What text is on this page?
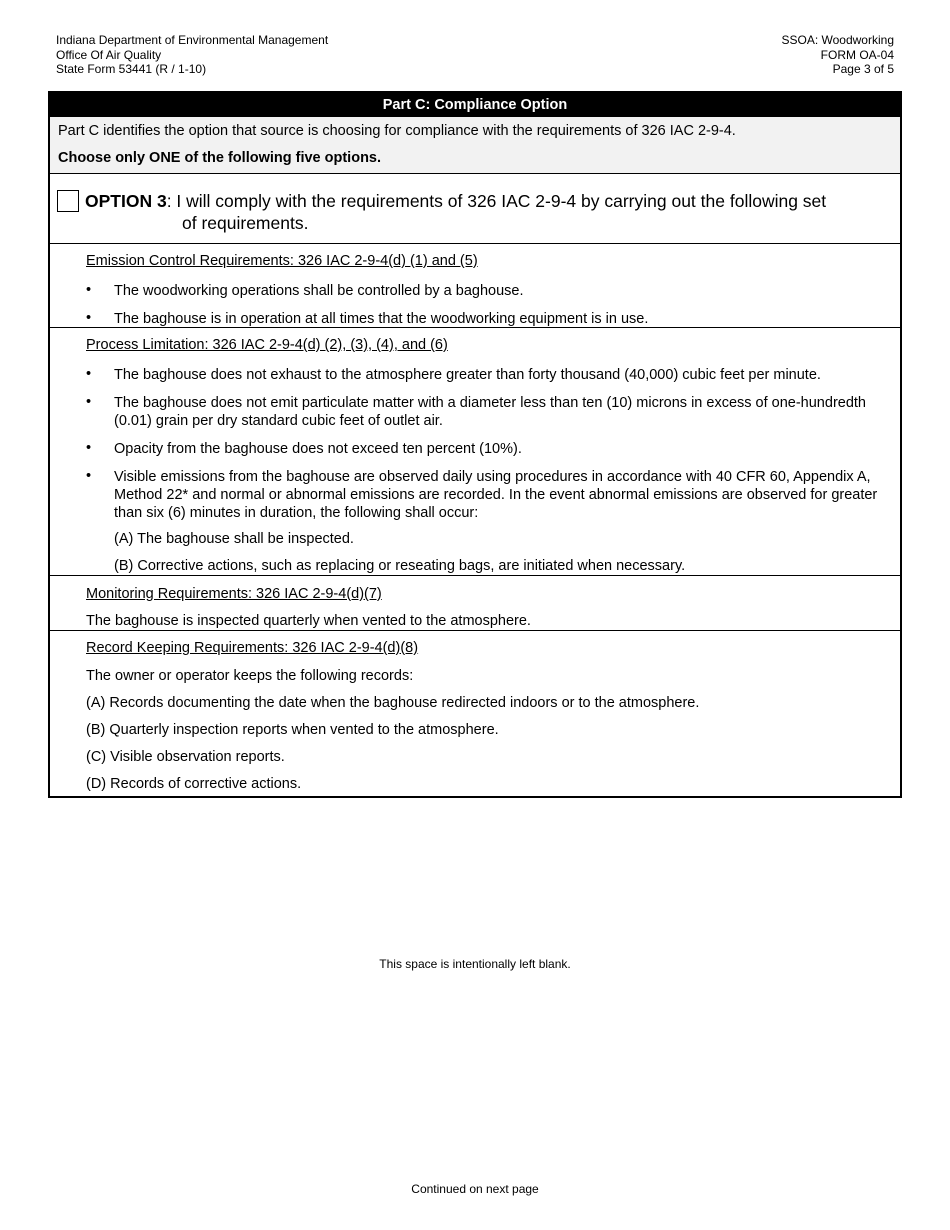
Indiana Department of Environmental Management
Office Of Air Quality
State Form 53441 (R / 1-10)
SSOA: Woodworking
FORM OA-04
Page 3 of 5
Part C: Compliance Option

Part C identifies the option that source is choosing for compliance with the requirements of 326 IAC 2-9-4.

Choose only ONE of the following five options.

OPTION 3: I will comply with the requirements of 326 IAC 2-9-4 by carrying out the following set
of requirements.
Emission Control Requirements: 326 IAC 2-9-4(d) (1) and (5)
• The woodworking operations shall be controlled by a baghouse.
• The baghouse is in operation at all times that the woodworking equipment is in use.
Process Limitation: 326 IAC 2-9-4(d) (2), (3), (4), and (6)
• The baghouse does not exhaust to the atmosphere greater than forty thousand (40,000) cubic feet per minute.
• The baghouse does not emit particulate matter with a diameter less than ten (10) microns in excess of one-hundredth (0.01) grain per dry standard cubic feet of outlet air.
• Opacity from the baghouse does not exceed ten percent (10%).
• Visible emissions from the baghouse are observed daily using procedures in accordance with 40 CFR 60, Appendix A, Method 22* and normal or abnormal emissions are recorded. In the event abnormal emissions are observed for greater than six (6) minutes in duration, the following shall occur:
(A) The baghouse shall be inspected.
(B) Corrective actions, such as replacing or reseating bags, are initiated when necessary.
Monitoring Requirements: 326 IAC 2-9-4(d)(7)
The baghouse is inspected quarterly when vented to the atmosphere.
Record Keeping Requirements: 326 IAC 2-9-4(d)(8)
The owner or operator keeps the following records:
(A) Records documenting the date when the baghouse redirected indoors or to the atmosphere.
(B) Quarterly inspection reports when vented to the atmosphere.
(C) Visible observation reports.
(D) Records of corrective actions.
This space is intentionally left blank.
Continued on next page
